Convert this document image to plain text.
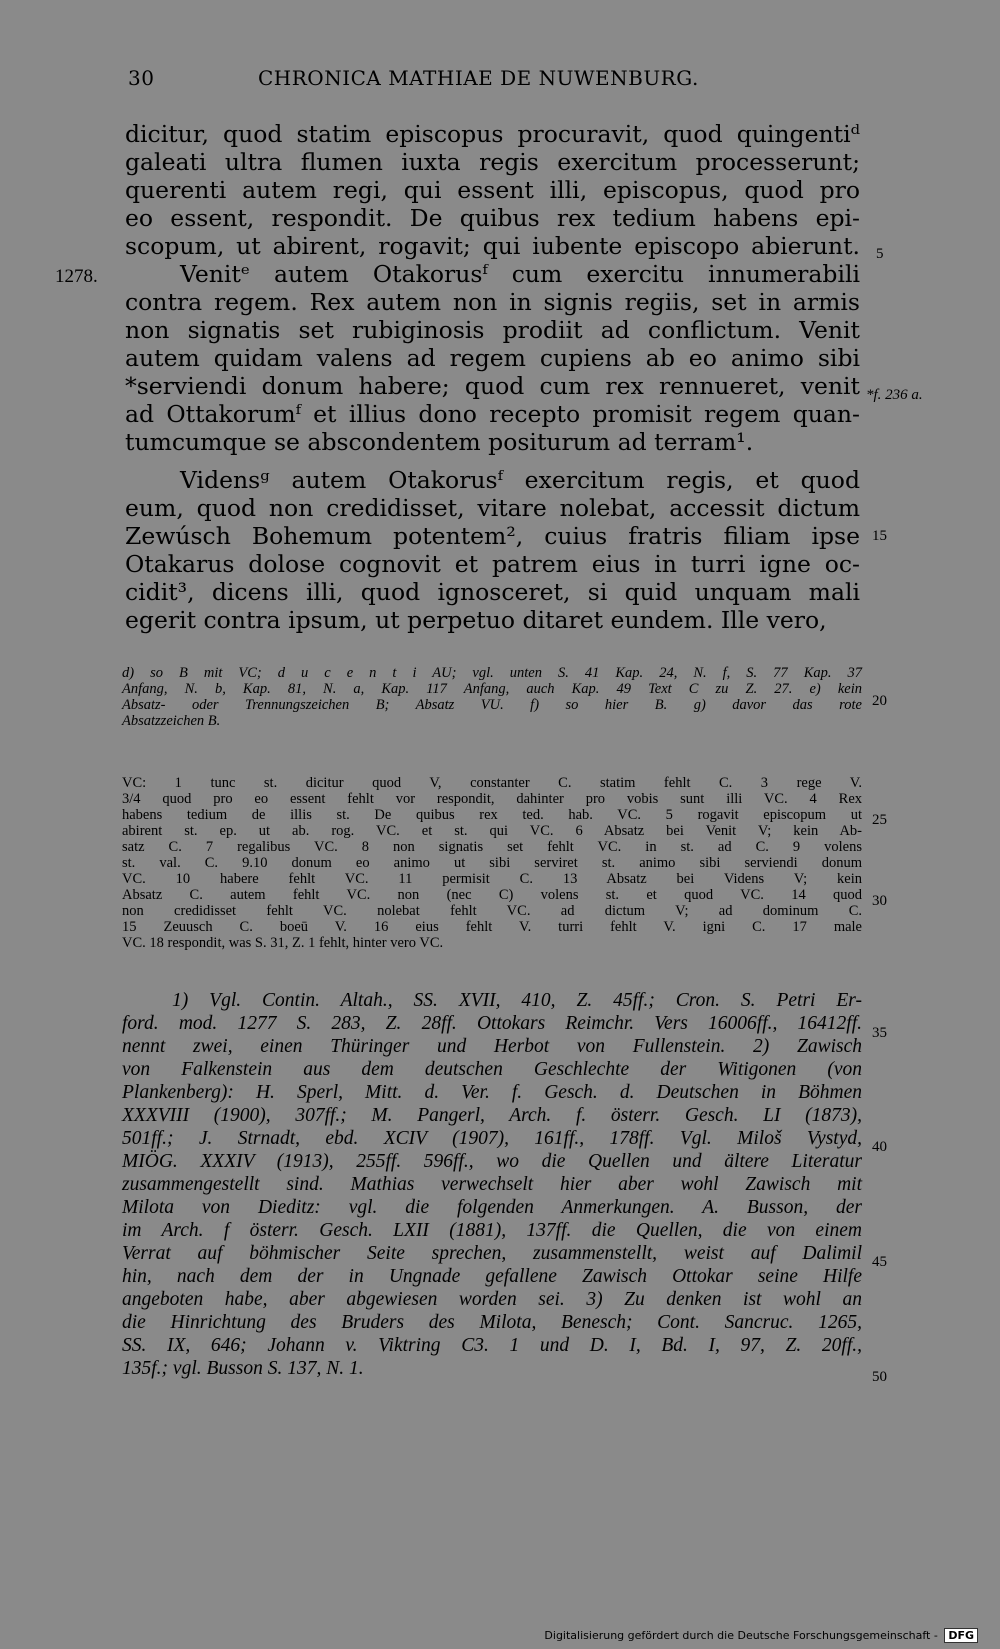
30	CHRONICA MATHIAE DE NUWENBURG.
dicitur, quod statim episcopus procuravit, quod quingentiᵈ
galeati ultra flumen iuxta regis exercitum processerunt;
querenti autem regi, qui essent illi, episcopus, quod pro
eo essent, respondit. De quibus rex tedium habens epi-
scopum, ut abirent, rogavit; qui iubente episcopo abierunt.
Venitᵉ autem Otakorusᶠ cum exercitu innumerabili
contra regem. Rex autem non in signis regiis, set in armis
non signatis set rubiginosis prodiit ad conflictum. Venit
autem quidam valens ad regem cupiens ab eo animo sibi
*serviendi donum habere; quod cum rex rennueret, venit
ad Ottakorumᶠ et illius dono recepto promisit regem quan-
tumcumque se abscondentem positurum ad terram¹.
Vidensᵍ autem Otakorusᶠ exercitum regis, et quod
eum, quod non credidisset, vitare nolebat, accessit dictum
Zewúsch Bohemum potentem², cuius fratris filiam ipse
Otakarus dolose cognovit et patrem eius in turri igne oc-
cidit³, dicens illi, quod ignosceret, si quid unquam mali
egerit contra ipsum, ut perpetuo ditaret eundem. Ille vero,
1278.
5
*f. 236 a.
15
d) so B mit VC; d u c e n t i AU; vgl. unten S. 41 Kap. 24, N. f, S. 77 Kap. 37
Anfang, N. b, Kap. 81, N. a, Kap. 117 Anfang, auch Kap. 49 Text C zu Z. 27. e) kein
Absatz- oder Trennungszeichen B; Absatz VU. f) so hier B. g) davor das rote
Absatzzeichen B.
20
VC: 1 tunc st. dicitur quod V, constanter C. statim fehlt C. 3 rege V.
3/4 quod pro eo essent fehlt vor respondit, dahinter pro vobis sunt illi VC. 4 Rex
habens tedium de illis st. De quibus rex ted. hab. VC. 5 rogavit episcopum ut
abirent st. ep. ut ab. rog. VC. et st. qui VC. 6 Absatz bei Venit V; kein Ab-
satz C. 7 regalibus VC. 8 non signatis set fehlt VC. in st. ad C. 9 volens
st. val. C. 9.10 donum eo animo ut sibi serviret st. animo sibi serviendi donum
VC. 10 habere fehlt VC. 11 permisit C. 13 Absatz bei Videns V; kein
Absatz C. autem fehlt VC. non (nec C) volens st. et quod VC. 14 quod
non credidisset fehlt VC. nolebat fehlt VC. ad dictum V; ad dominum C.
15 Zeuusch C. boeū V. 16 eius fehlt V. turri fehlt V. igni C. 17 male
VC. 18 respondit, was S. 31, Z. 1 fehlt, hinter vero VC.
25
30
1) Vgl. Contin. Altah., SS. XVII, 410, Z. 45ff.; Cron. S. Petri Er-
ford. mod. 1277 S. 283, Z. 28ff. Ottokars Reimchr. Vers 16006ff., 16412ff.
nennt zwei, einen Thüringer und Herbot von Fullenstein. 2) Zawisch
von Falkenstein aus dem deutschen Geschlechte der Witigonen (von
Plankenberg): H. Sperl, Mitt. d. Ver. f. Gesch. d. Deutschen in Böhmen
XXXVIII (1900), 307ff.; M. Pangerl, Arch. f. österr. Gesch. LI (1873),
501ff.; J. Strnadt, ebd. XCIV (1907), 161ff., 178ff. Vgl. Miloš Vystyd,
MIÖG. XXXIV (1913), 255ff. 596ff., wo die Quellen und ältere Literatur
zusammengestellt sind. Mathias verwechselt hier aber wohl Zawisch mit
Milota von Dieditz: vgl. die folgenden Anmerkungen. A. Busson, der
im Arch. f österr. Gesch. LXII (1881), 137ff. die Quellen, die von einem
Verrat auf böhmischer Seite sprechen, zusammenstellt, weist auf Dalimil
hin, nach dem der in Ungnade gefallene Zawisch Ottokar seine Hilfe
angeboten habe, aber abgewiesen worden sei. 3) Zu denken ist wohl an
die Hinrichtung des Bruders des Milota, Benesch; Cont. Sancruc. 1265,
SS. IX, 646; Johann v. Viktring C3. 1 und D. I, Bd. I, 97, Z. 20ff.,
135f.; vgl. Busson S. 137, N. 1.
35
40
45
50
Digitalisierung gefördert durch die Deutsche Forschungsgemeinschaft - DFG
